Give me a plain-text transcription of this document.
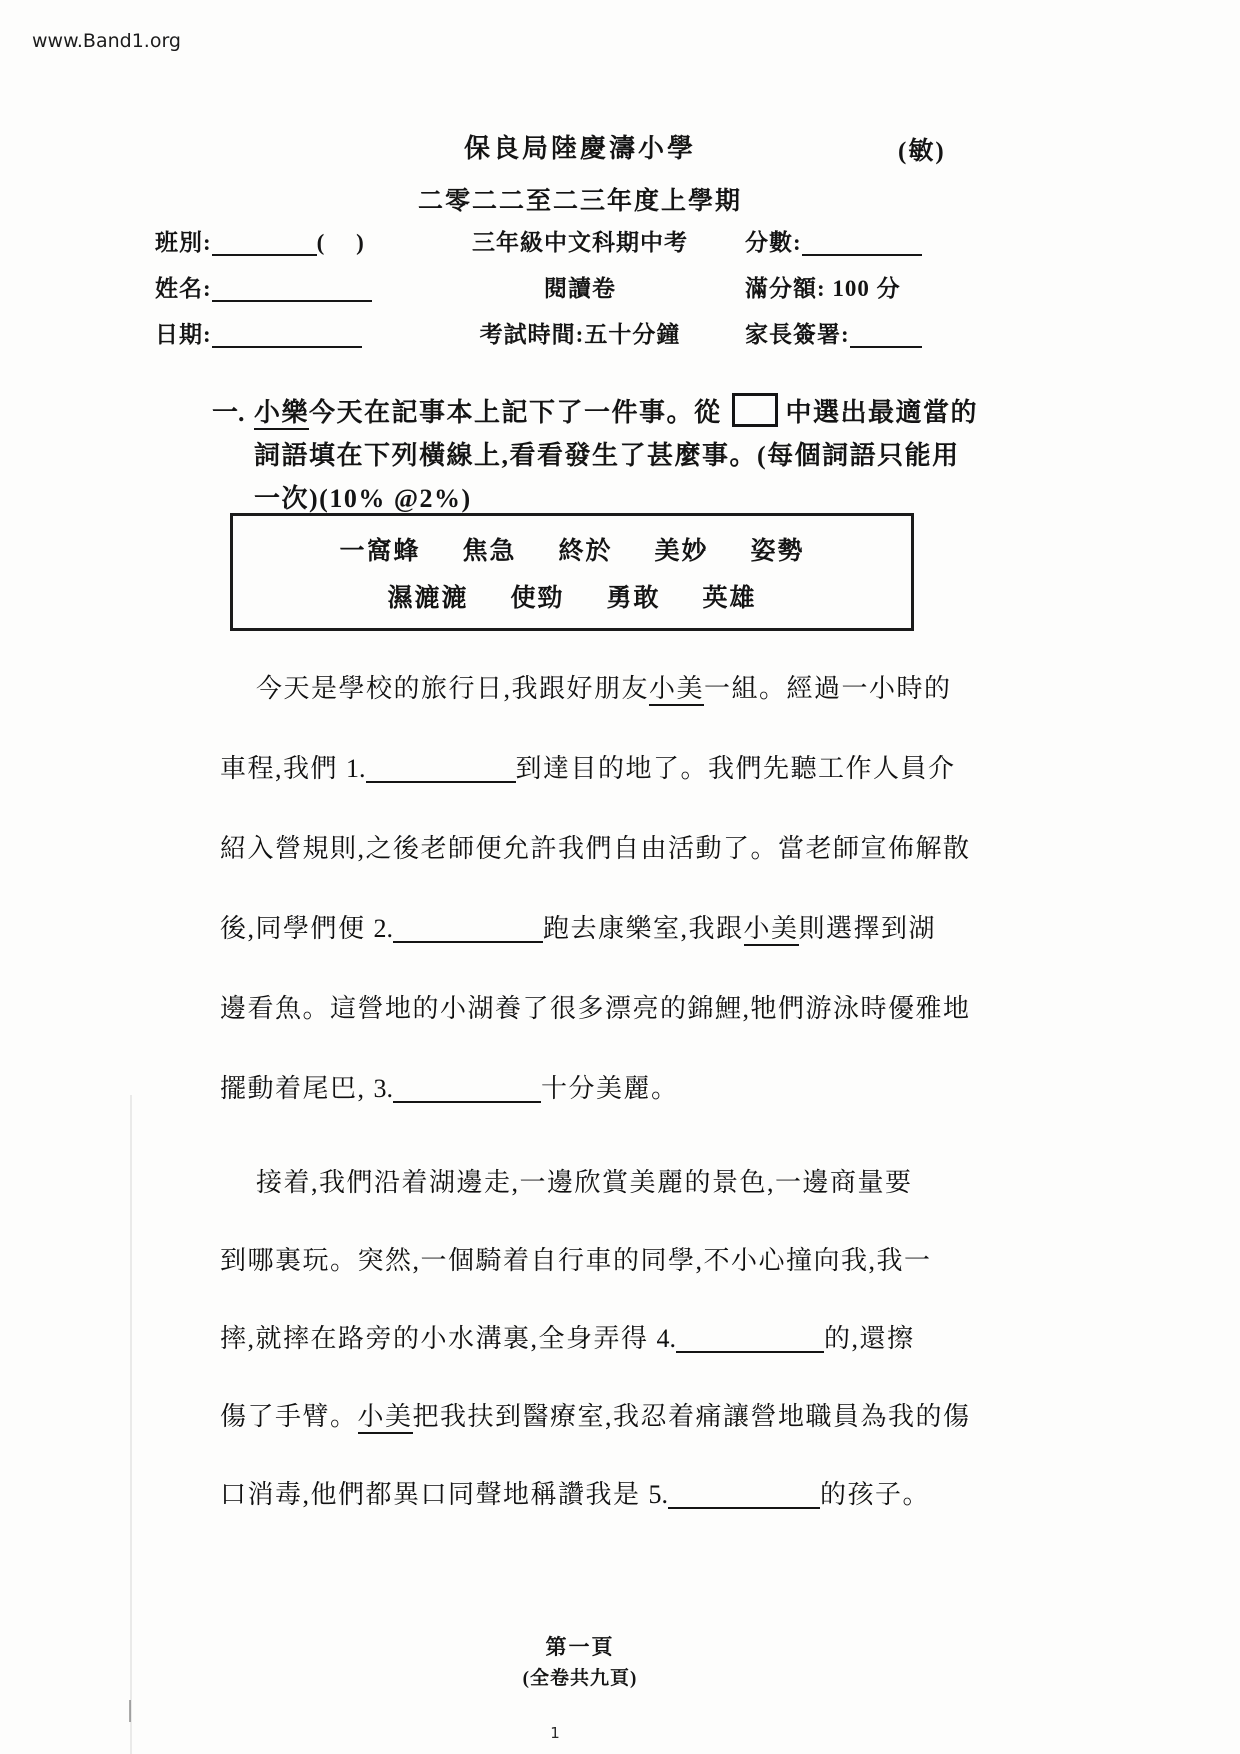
www.Band1.org
保良局陸慶濤小學	(敏)
二零二二至二三年度上學期
班別:	(　 )	三年級中文科期中考	分數:
姓名:	閱讀卷	滿分額: 100 分
日期:	考試時間:五十分鐘	家長簽署:
一. 小樂今天在記事本上記下了一件事。從 中選出最適當的
詞語填在下列橫線上,看看發生了甚麼事。(每個詞語只能用
一次)(10% @2%)
一窩蜂 焦急 終於 美妙 姿勢
濕漉漉 使勁 勇敢 英雄
今天是學校的旅行日,我跟好朋友小美一組。經過一小時的
車程,我們 1.	到達目的地了。我們先聽工作人員介
紹入營規則,之後老師便允許我們自由活動了。當老師宣佈解散
後,同學們便 2.	跑去康樂室,我跟小美則選擇到湖
邊看魚。這營地的小湖養了很多漂亮的錦鯉,牠們游泳時優雅地
擺動着尾巴, 3.	十分美麗。
接着,我們沿着湖邊走,一邊欣賞美麗的景色,一邊商量要
到哪裏玩。突然,一個騎着自行車的同學,不小心撞向我,我一
摔,就摔在路旁的小水溝裏,全身弄得 4.	的,還擦
傷了手臂。小美把我扶到醫療室,我忍着痛讓營地職員為我的傷
口消毒,他們都異口同聲地稱讚我是 5.	的孩子。
第一頁
(全卷共九頁)
1
